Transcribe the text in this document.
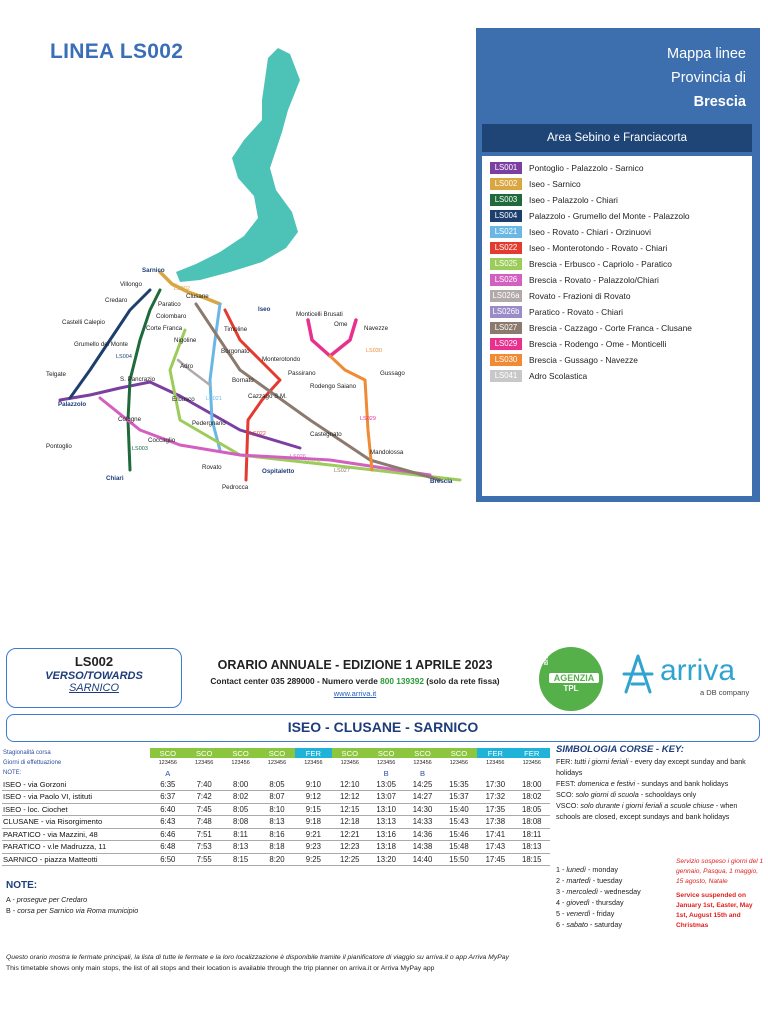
LINEA LS002
Sarnico
Villongo
Credaro
Paratico
Clusane
Iseo
Castelli Calepio
Colombaro
Corte Franca	Timoline
Nigoline
Monticelli Brusati
Ome
Navezze
Grumello del Monte
Borgonato
Monterotondo
Telgate
Adro
S. Pancrazio
Passirano	Gussago
Rodengo Saiano
Palazzolo
Bornato
Erbusco	Cazzago S.M.
Pontoglio
Cologne
Pedergnano
Castegnato
Mandolossa
Coccaglio
Rovato
Chiari
Ospitaletto
Brescia
Pedrocca
LS002
LS004
LS021
LS022
LS026
LS030
LS003
LS029
LS025
LS027
Mappa linee
Provincia di
Brescia
Area Sebino e Franciacorta
LS001	Pontoglio - Palazzolo - Sarnico
LS002	Iseo - Sarnico
LS003	Iseo - Palazzolo - Chiari
LS004	Palazzolo - Grumello del Monte - Palazzolo
LS021	Iseo - Rovato - Chiari - Orzinuovi
LS022	Iseo - Monterotondo - Rovato - Chiari
LS025	Brescia - Erbusco - Capriolo - Paratico
LS026	Brescia - Rovato - Palazzolo/Chiari
LS026a	Rovato - Frazioni di Rovato
LS026b	Paratico - Rovato - Chiari
LS027	Brescia - Cazzago - Corte Franca - Clusane
LS029	Brescia - Rodengo - Ome - Monticelli
LS030	Brescia - Gussago - Navezze
LS041	Adro Scolastica
LS002
VERSO/TOWARDS
SARNICO
ORARIO ANNUALE - EDIZIONE 1 APRILE 2023
Contact center 035 289000 - Numero verde 800 139392 (solo da rete fissa)
www.arriva.it
Brescia
AGENZIA
TPL
arriva
a DB company
ISEO - CLUSANE - SARNICO
Stagionalità corsa	SCO	SCO	SCO	SCO	FER	SCO	SCO	SCO	SCO	FER	FER
Giorni di effettuazione	123456	123456	123456	123456	123456	123456	123456	123456	123456	123456	123456
NOTE:	A						B	B			
ISEO - via Gorzoni	6:35	7:40	8:00	8:05	9:10	12:10	13:05	14:25	15:35	17:30	18:00
ISEO - via Paolo VI, istituti	6:37	7:42	8:02	8:07	9:12	12:12	13:07	14:27	15:37	17:32	18:02
ISEO - loc. Ciochet	6:40	7:45	8:05	8:10	9:15	12:15	13:10	14:30	15:40	17:35	18:05
CLUSANE - via Risorgimento	6:43	7:48	8:08	8:13	9:18	12:18	13:13	14:33	15:43	17:38	18:08
PARATICO - via Mazzini, 48	6:46	7:51	8:11	8:16	9:21	12:21	13:16	14:36	15:46	17:41	18:11
PARATICO - v.le Madruzza, 11	6:48	7:53	8:13	8:18	9:23	12:23	13:18	14:38	15:48	17:43	18:13
SARNICO - piazza Matteotti	6:50	7:55	8:15	8:20	9:25	12:25	13:20	14:40	15:50	17:45	18:15
SIMBOLOGIA CORSE - KEY:
FER: tutti i giorni feriali - every day except sunday and bank holidays
FEST: domenica e festivi - sundays and bank holidays
SCO: solo giorni di scuola - schooldays only
VSCO: solo durante i giorni feriali a scuole chiuse - when schools are closed, except sundays and bank holidays
1 - lunedì - monday
2 - martedì - tuesday
3 - mercoledì - wednesday
4 - giovedì - thursday
5 - venerdì - friday
6 - sabato - saturday
Servizio sospeso i giorni del 1 gennaio, Pasqua, 1 maggio, 15 agosto, Natale
Service suspended on January 1st, Easter, May 1st, August 15th and Christmas
NOTE:
A - prosegue per Credaro
B - corsa per Sarnico via Roma municipio
Questo orario mostra le fermate principali, la lista di tutte le fermate e la loro localizzazione è disponibile tramite il pianificatore di viaggio su arriva.it o app Arriva MyPay
This timetable shows only main stops, the list of all stops and their location is available through the trip planner on arriva.it or Arriva MyPay app
